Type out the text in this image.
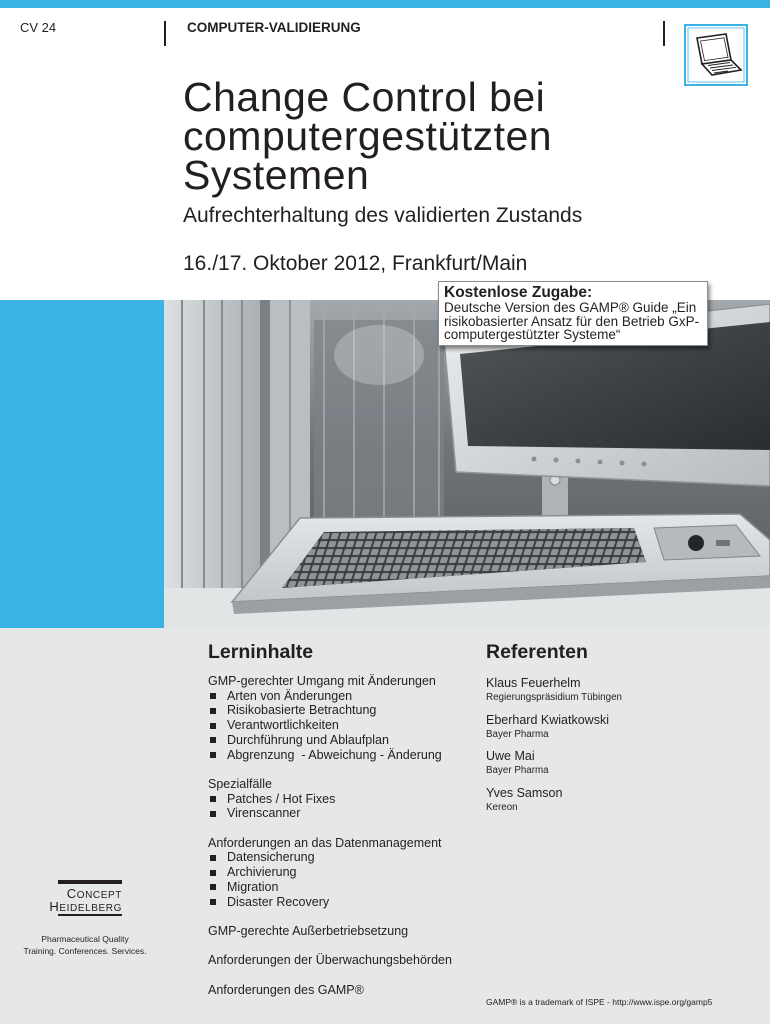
CV 24	COMPUTER-VALIDIERUNG
Change Control bei
computergestützten
Systemen
Aufrechterhaltung des validierten Zustands
16./17. Oktober 2012, Frankfurt/Main
Kostenlose Zugabe:
Deutsche Version des GAMP® Guide „Ein
risikobasierter Ansatz für den Betrieb GxP-
computergestützter Systeme“
Lerninhalte	Referenten
GMP-gerechter Umgang mit Änderungen
Arten von Änderungen
Risikobasierte Betrachtung
Verantwortlichkeiten
Durchführung und Ablaufplan
Abgrenzung  - Abweichung - Änderung
Spezialfälle
Patches / Hot Fixes
Virenscanner
Anforderungen an das Datenmanagement
Datensicherung
Archivierung
Migration
Disaster Recovery
GMP-gerechte Außerbetriebsetzung
Anforderungen der Überwachungsbehörden
Anforderungen des GAMP®
Klaus Feuerhelm
Regierungspräsidium Tübingen
Eberhard Kwiatkowski
Bayer Pharma
Uwe Mai
Bayer Pharma
Yves Samson
Kereon
CONCEPT
HEIDELBERG
Pharmaceutical Quality
Training. Conferences. Services.
GAMP® is a trademark of ISPE - http://www.ispe.org/gamp5
